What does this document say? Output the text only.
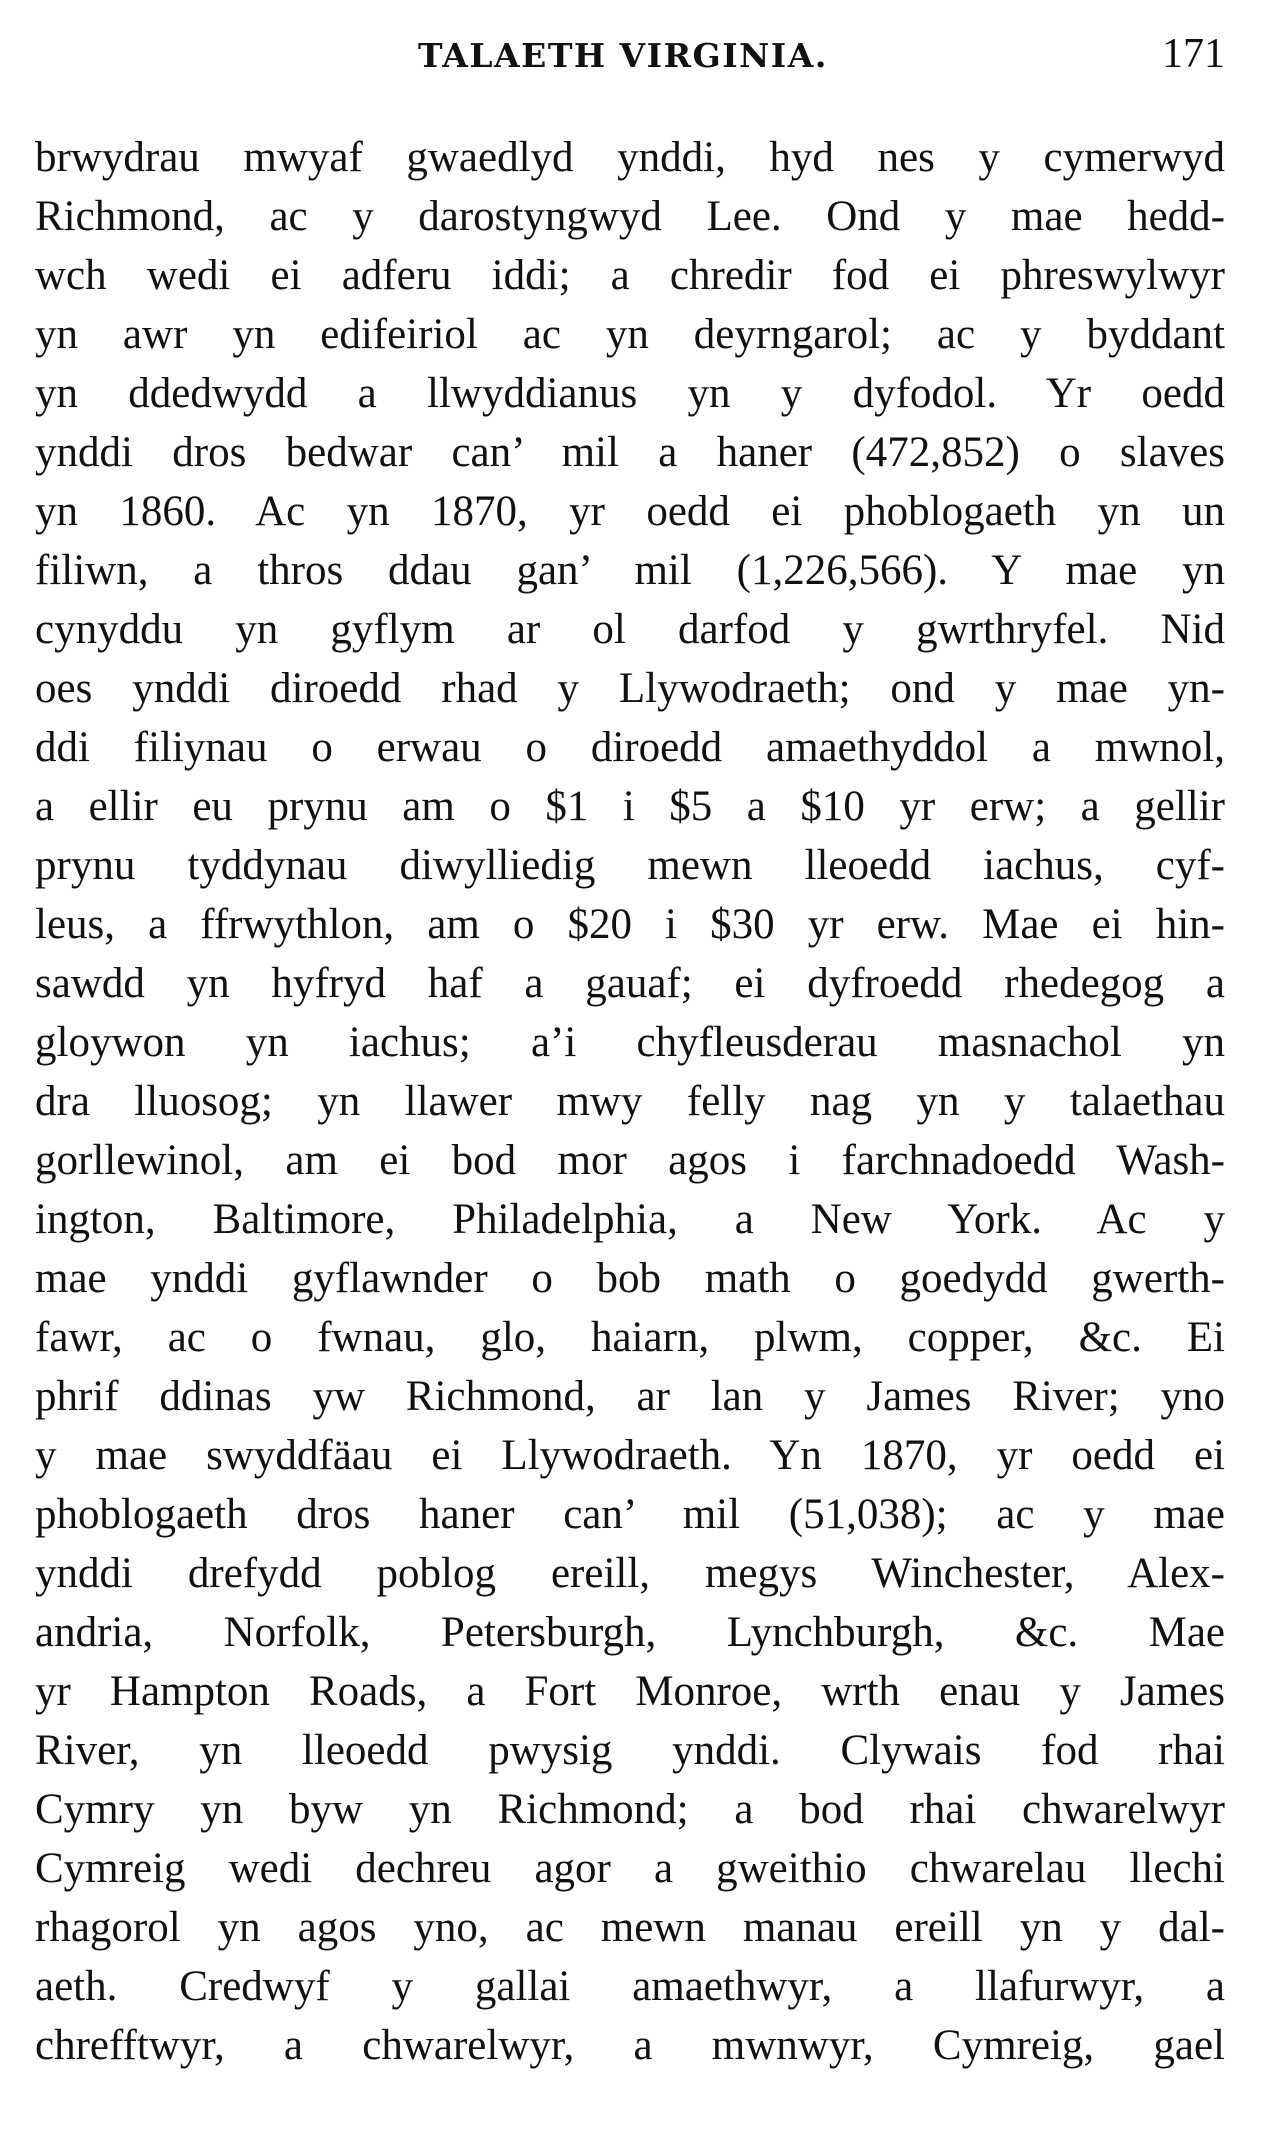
TALAETH VIRGINIA.	171
brwydrau mwyaf gwaedlyd ynddi, hyd nes y cymerwyd
Richmond, ac y darostyngwyd Lee. Ond y mae hedd-
wch wedi ei adferu iddi; a chredir fod ei phreswylwyr
yn awr yn edifeiriol ac yn deyrngarol; ac y byddant
yn ddedwydd a llwyddianus yn y dyfodol. Yr oedd
ynddi dros bedwar can’ mil a haner (472,852) o slaves
yn 1860. Ac yn 1870, yr oedd ei phoblogaeth yn un
filiwn, a thros ddau gan’ mil (1,226,566). Y mae yn
cynyddu yn gyflym ar ol darfod y gwrthryfel. Nid
oes ynddi diroedd rhad y Llywodraeth; ond y mae yn-
ddi filiynau o erwau o diroedd amaethyddol a mwnol,
a ellir eu prynu am o $1 i $5 a $10 yr erw; a gellir
prynu tyddynau diwylliedig mewn lleoedd iachus, cyf-
leus, a ffrwythlon, am o $20 i $30 yr erw. Mae ei hin-
sawdd yn hyfryd haf a gauaf; ei dyfroedd rhedegog a
gloywon yn iachus; a’i chyfleusderau masnachol yn
dra lluosog; yn llawer mwy felly nag yn y talaethau
gorllewinol, am ei bod mor agos i farchnadoedd Wash-
ington, Baltimore, Philadelphia, a New York. Ac y
mae ynddi gyflawnder o bob math o goedydd gwerth-
fawr, ac o fwnau, glo, haiarn, plwm, copper, &c. Ei
phrif ddinas yw Richmond, ar lan y James River; yno
y mae swyddfäau ei Llywodraeth. Yn 1870, yr oedd ei
phoblogaeth dros haner can’ mil (51,038); ac y mae
ynddi drefydd poblog ereill, megys Winchester, Alex-
andria, Norfolk, Petersburgh, Lynchburgh, &c. Mae
yr Hampton Roads, a Fort Monroe, wrth enau y James
River, yn lleoedd pwysig ynddi. Clywais fod rhai
Cymry yn byw yn Richmond; a bod rhai chwarelwyr
Cymreig wedi dechreu agor a gweithio chwarelau llechi
rhagorol yn agos yno, ac mewn manau ereill yn y dal-
aeth. Credwyf y gallai amaethwyr, a llafurwyr, a
chrefftwyr, a chwarelwyr, a mwnwyr, Cymreig, gael
